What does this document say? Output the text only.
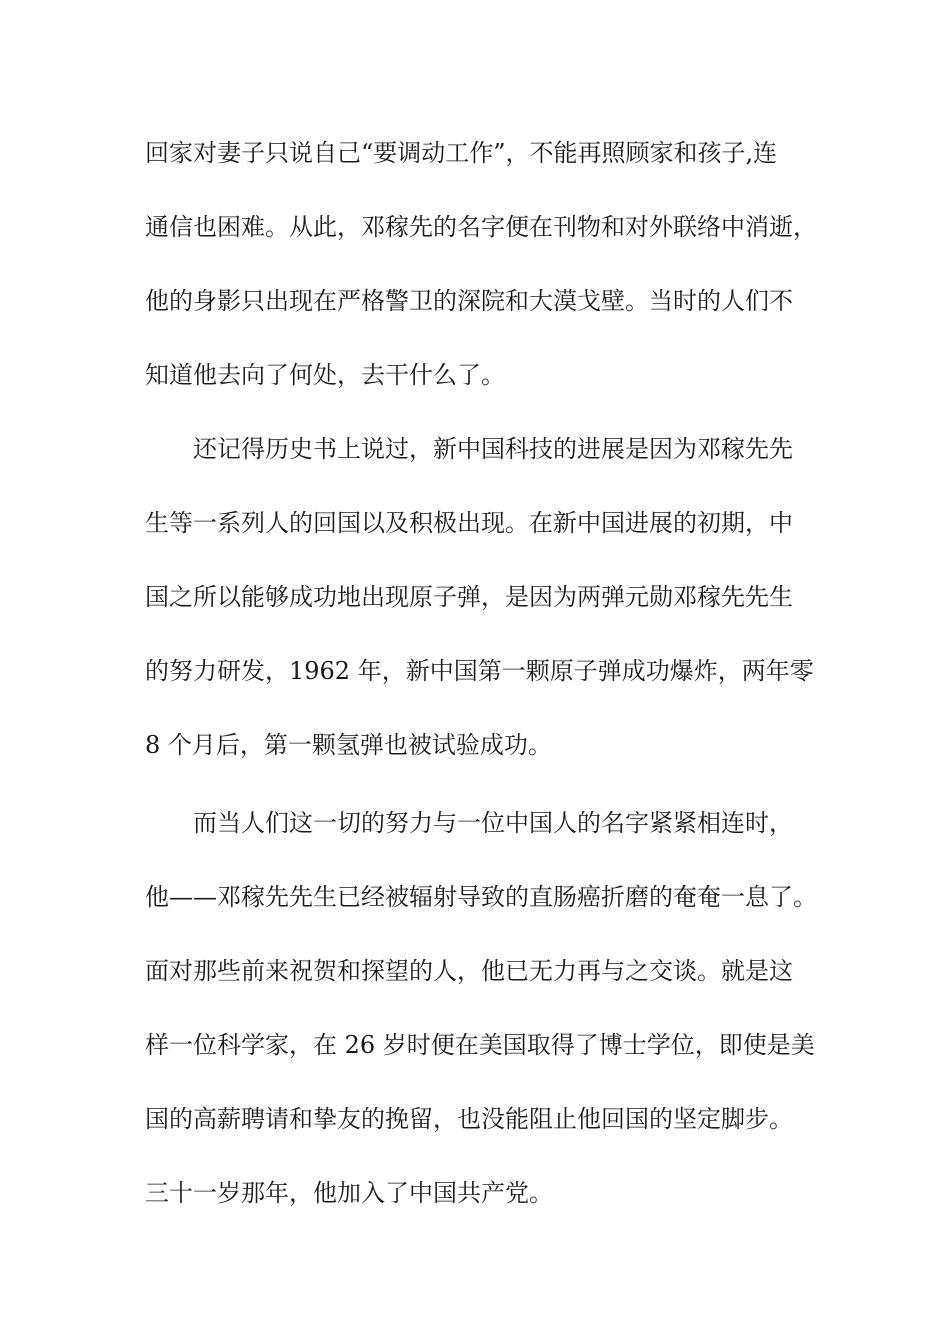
回家对妻子只说自己“要调动工作”，不能再照顾家和孩子,连
通信也困难。从此，邓稼先的名字便在刊物和对外联络中消逝，
他的身影只出现在严格警卫的深院和大漠戈壁。当时的人们不
知道他去向了何处，去干什么了。
还记得历史书上说过，新中国科技的进展是因为邓稼先先
生等一系列人的回国以及积极出现。在新中国进展的初期，中
国之所以能够成功地出现原子弹，是因为两弹元勋邓稼先先生
的努力研发，1962 年，新中国第一颗原子弹成功爆炸，两年零
8 个月后，第一颗氢弹也被试验成功。
而当人们这一切的努力与一位中国人的名字紧紧相连时，
他——邓稼先先生已经被辐射导致的直肠癌折磨的奄奄一息了。
面对那些前来祝贺和探望的人，他已无力再与之交谈。就是这
样一位科学家，在 26 岁时便在美国取得了博士学位，即使是美
国的高薪聘请和挚友的挽留，也没能阻止他回国的坚定脚步。
三十一岁那年，他加入了中国共产党。
